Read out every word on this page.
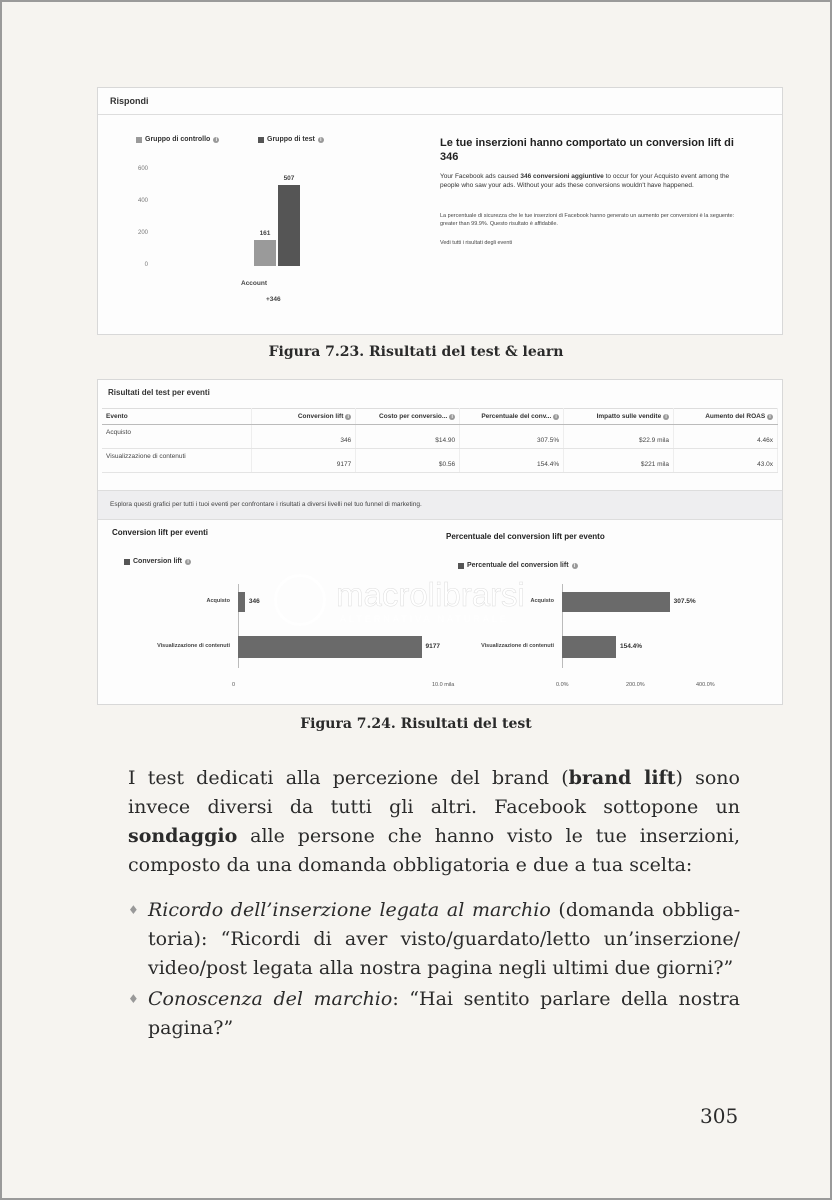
Rispondi
Gruppo di controllo	i	Gruppo di test	i
600
400
200
0
161
507
Account
+346
Le tue inserzioni hanno comportato un conversion lift di 346
Your Facebook ads caused 346 conversioni aggiuntive to occur for your Acquisto event among the people who saw your ads. Without your ads these conversions wouldn't have happened.
La percentuale di sicurezza che le tue inserzioni di Facebook hanno generato un aumento per conversioni è la seguente: greater than 99.9%. Questo risultato è affidabile.
Vedi tutti i risultati degli eventi
Figura 7.23. Risultati del test & learn
Risultati del test per eventi
Evento	Conversion lift i	Costo per conversio... i	Percentuale del conv... i	Impatto sulle vendite i	Aumento del ROAS i
Acquisto	346	$14.90	307.5%	$22.9 mila	4.46x
Visualizzazione di contenuti	9177	$0.56	154.4%	$221 mila	43.0x
Esplora questi grafici per tutti i tuoi eventi per confrontare i risultati a diversi livelli nel tuo funnel di marketing.
Conversion lift per eventi	Percentuale del conversion lift per evento
Conversion lift	i
Percentuale del conversion lift	i
Acquisto	346
Visualizzazione di contenuti	9177
0	10.0 mila
Acquisto	307.5%
Visualizzazione di contenuti	154.4%
0.0%	200.0%	400.0%
Figura 7.24. Risultati del test
macrolibrarsi
ALTERNATIVA NATURALE
I test dedicati alla percezione del brand (brand lift) sono invece diversi da tutti gli altri. Facebook sottopone un sondaggio alle persone che hanno visto le tue inserzioni, composto da una domanda obbligatoria e due a tua scelta:
♦ Ricordo dell’inserzione legata al marchio (domanda obbligatoria): “Ricordi di aver visto/guardato/letto un’inserzione/ video/post legata alla nostra pagina negli ultimi due giorni?”
♦ Conoscenza del marchio: “Hai sentito parlare della nostra pagina?”
305
